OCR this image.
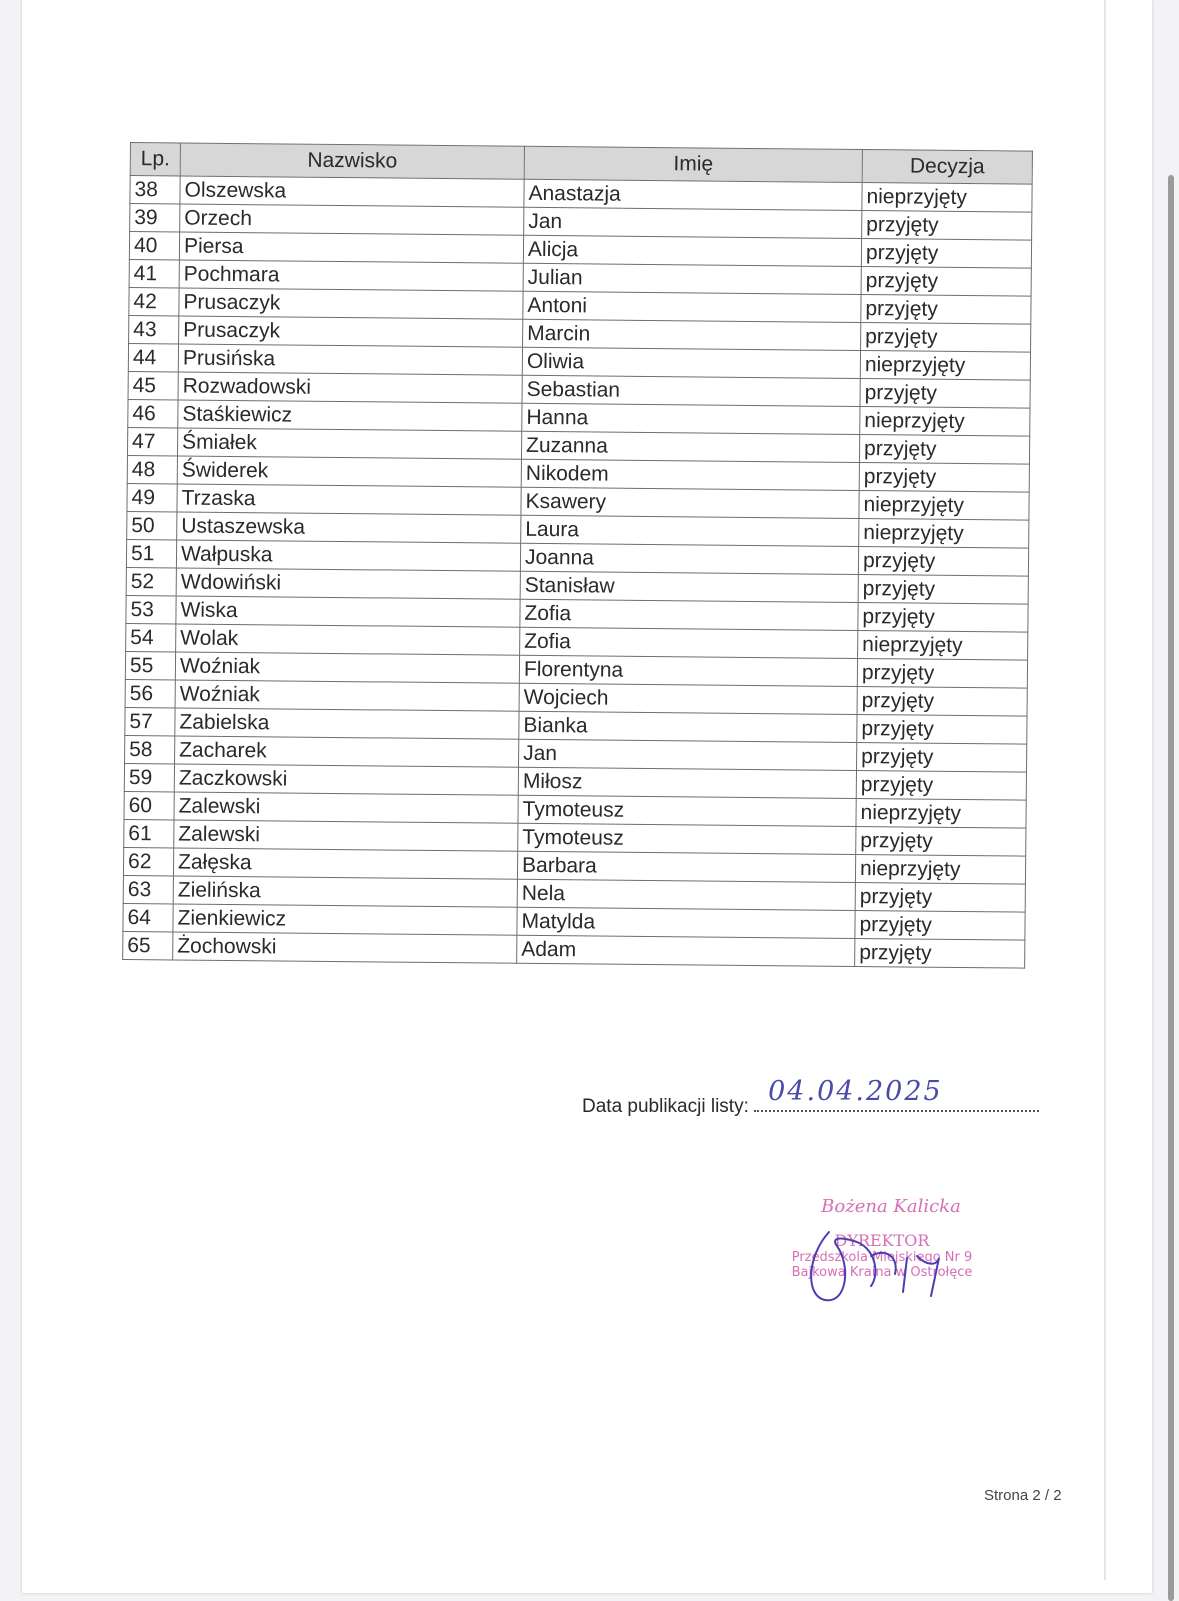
Lp.	Nazwisko	Imię	Decyzja
38	Olszewska	Anastazja	nieprzyjęty
39	Orzech	Jan	przyjęty
40	Piersa	Alicja	przyjęty
41	Pochmara	Julian	przyjęty
42	Prusaczyk	Antoni	przyjęty
43	Prusaczyk	Marcin	przyjęty
44	Prusińska	Oliwia	nieprzyjęty
45	Rozwadowski	Sebastian	przyjęty
46	Staśkiewicz	Hanna	nieprzyjęty
47	Śmiałek	Zuzanna	przyjęty
48	Świderek	Nikodem	przyjęty
49	Trzaska	Ksawery	nieprzyjęty
50	Ustaszewska	Laura	nieprzyjęty
51	Wałpuska	Joanna	przyjęty
52	Wdowiński	Stanisław	przyjęty
53	Wiska	Zofia	przyjęty
54	Wolak	Zofia	nieprzyjęty
55	Woźniak	Florentyna	przyjęty
56	Woźniak	Wojciech	przyjęty
57	Zabielska	Bianka	przyjęty
58	Zacharek	Jan	przyjęty
59	Zaczkowski	Miłosz	przyjęty
60	Zalewski	Tymoteusz	nieprzyjęty
61	Zalewski	Tymoteusz	przyjęty
62	Załęska	Barbara	nieprzyjęty
63	Zielińska	Nela	przyjęty
64	Zienkiewicz	Matylda	przyjęty
65	Żochowski	Adam	przyjęty
Data publikacji listy: 04.04.2025
Bożena Kalicka
DYREKTOR
Przedszkola Miejskiego Nr 9
Bajkowa Kraina w Ostrołęce
Strona 2 / 2
